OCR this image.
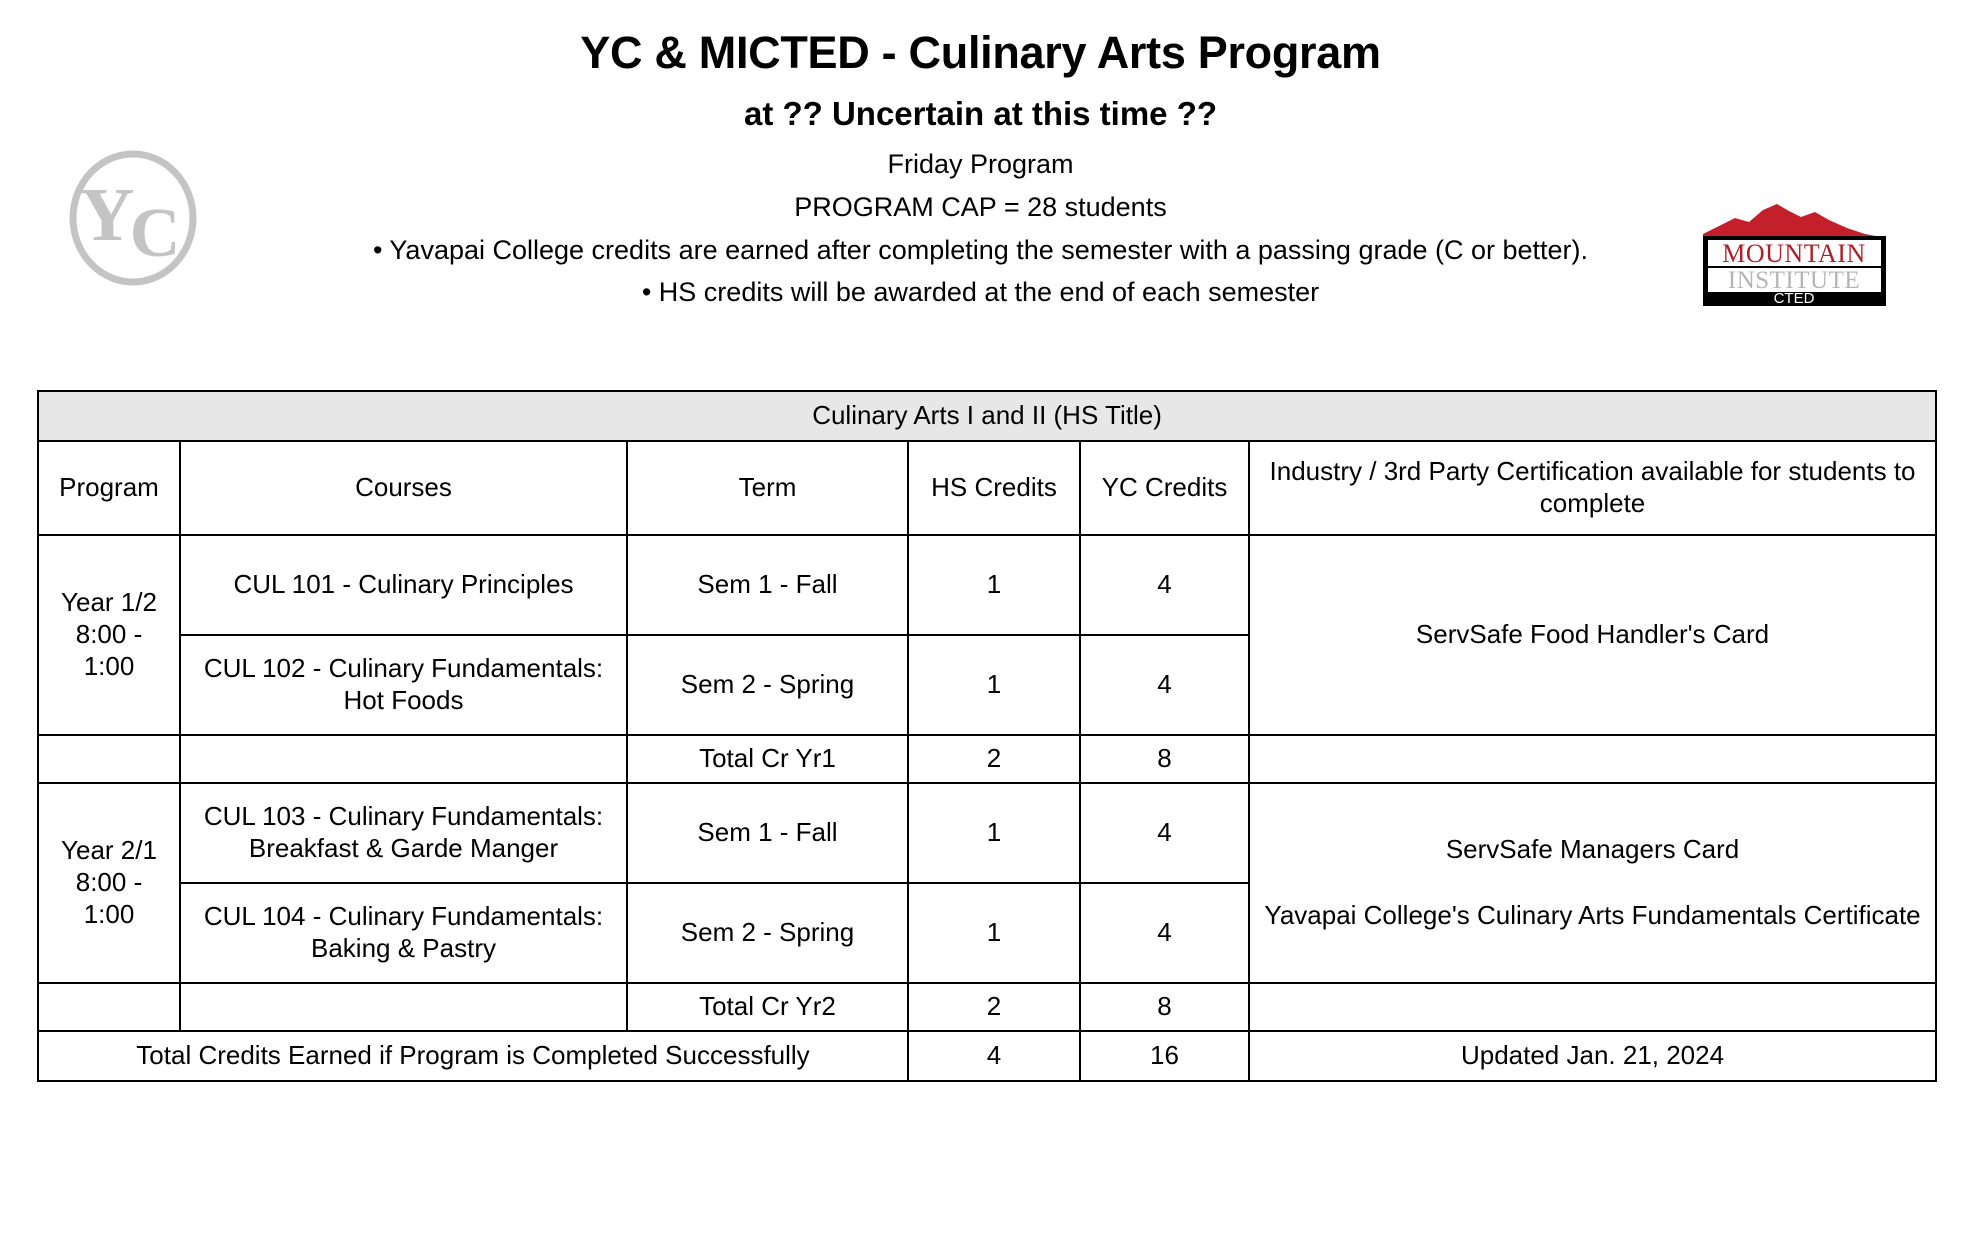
YC & MICTED - Culinary Arts Program
at ?? Uncertain at this time ??
Friday Program
PROGRAM CAP = 28 students
• Yavapai College credits are earned after completing the semester with a passing grade (C or better).
• HS credits will be awarded at the end of each semester
Y
C	MOUNTAIN
INSTITUTE
CTED
Culinary Arts I and II (HS Title)					
Program	Courses	Term	HS Credits	YC Credits	Industry / 3rd Party Certification available for students to complete
Year 1/2 8:00 - 1:00	CUL 101 - Culinary Principles	Sem 1 - Fall	1	4	ServSafe Food Handler's Card
	CUL 102 - Culinary Fundamentals: Hot Foods	Sem 2 - Spring	1	4	
		Total Cr Yr1	2	8	
Year 2/1 8:00 - 1:00	CUL 103 - Culinary Fundamentals: Breakfast & Garde Manger	Sem 1 - Fall	1	4	ServSafe Managers Card
Yavapai College's Culinary Arts Fundamentals Certificate

	CUL 104 - Culinary Fundamentals: Baking & Pastry	Sem 2 - Spring	1	4	
		Total Cr Yr2	2	8	
Total Credits Earned if Program is Completed Successfully			4	16	Updated Jan. 21, 2024
